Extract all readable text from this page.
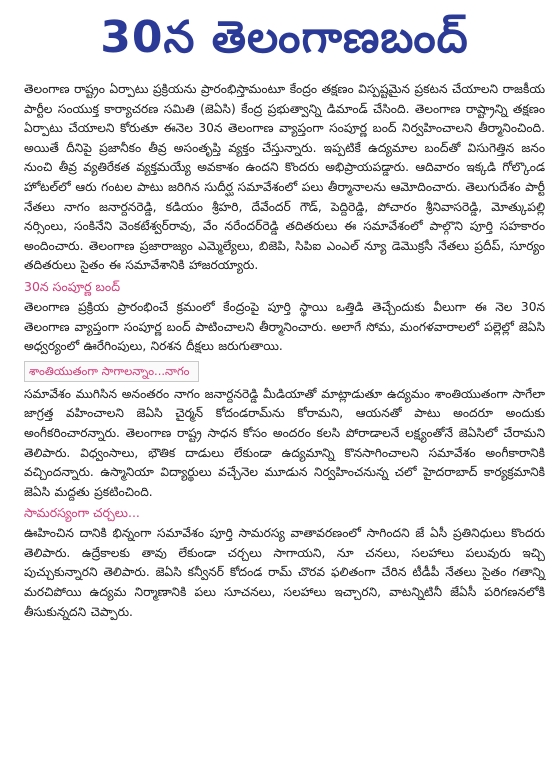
30న తెలంగాణబంద్

తెలంగాణ రాష్ట్రం ఏర్పాటు ప్రక్రియను ప్రారంభిస్తామంటూ కేంద్రం తక్షణం విస్పష్టమైన ప్రకటన చేయాలని రాజకీయ పార్టీల సంయుక్త కార్యాచరణ సమితి (జెఏసి) కేంద్ర ప్రభుత్వాన్ని డిమాండ్ చేసింది. తెలంగాణ రాష్ట్రాన్ని తక్షణం ఏర్పాటు చేయాలని కోరుతూ ఈనెల 30న తెలంగాణ వ్యాప్తంగా సంపూర్ణ బంద్ నిర్వహించాలని తీర్మానించింది. అయితే దీనిపై ప్రజానీకం తీవ్ర అసంతృప్తి వ్యక్తం చేస్తున్నారు. ఇప్పటికే ఉద్యమాల బంద్‌తో విసుగెత్తిన జనం నుంచి తీవ్ర వ్యతిరేకత వ్యక్తమయ్యే అవకాశం ఉందని కొందరు అభిప్రాయపడ్డారు. ఆదివారం ఇక్కడి గోల్కొండ హోటల్‌లో ఆరు గంటల పాటు జరిగిన సుదీర్ఘ సమావేశంలో పలు తీర్మానాలను ఆమోదించారు. తెలుగుదేశం పార్టీ నేతలు నాగం జనార్దనరెడ్డి, కడియం శ్రీహరి, దేవేందర్ గౌడ్, పెద్దిరెడ్డి, పోచారం శ్రీనివాసరెడ్డి, మోత్కుపల్లి నర్సింలు, సంకినేని వెంకటేశ్వర్‌రావు, వేం నరేందర్‌రెడ్డి తదితరులు ఈ సమావేశంలో పాల్గొని పూర్తి సహకారం అందించారు. తెలంగాణ ప్రజారాజ్యం ఎమ్మెల్యేలు, బిజెపి, సిపిఐ ఎంఎల్ న్యూ డెమొక్రసీ నేతలు ప్రదీప్, సూర్యం తదితరులు సైతం ఈ సమావేశానికి హాజరయ్యారు.

30న సంపూర్ణ బంద్

తెలంగాణ ప్రక్రియ ప్రారంభించే క్రమంలో కేంద్రంపై పూర్తి స్థాయి ఒత్తిడి తెచ్చేందుకు వీలుగా ఈ నెల 30న తెలంగాణ వ్యాప్తంగా సంపూర్ణ బంద్ పాటించాలని తీర్మానించారు. అలాగే సోమ, మంగళవారాలలో పల్లెల్లో జెఏసి అధ్వర్యంలో ఊరేగింపులు, నిరశన దీక్షలు జరుగుతాయి.

శాంతియుతంగా సాగాలన్నాం...నాగం

సమావేశం ముగిసిన అనంతరం నాగం జనార్దనరెడ్డి మీడియాతో మాట్లాడుతూ ఉద్యమం శాంతియుతంగా సాగేలా జాగ్రత్త వహించాలని జెఏసి చైర్మన్ కోదండరామ్‌ను కోరామని, ఆయనతో పాటు అందరూ అందుకు అంగీకరించారన్నారు. తెలంగాణ రాష్ట్ర సాధన కోసం అందరం కలసి పోరాడాలనే లక్ష్యంతోనే జెఏసిలో చేరామని తెలిపారు. విధ్వంసాలు, భౌతిక దాడులు లేకుండా ఉద్యమాన్ని కొనసాగించాలని సమావేశం అంగీకారానికి వచ్చిందన్నారు. ఉస్మానియా విద్యార్థులు వచ్చేనెల మూడున నిర్వహించనున్న చలో హైదరాబాద్ కార్యక్రమానికి జెఏసి మద్దతు ప్రకటించింది.

సామరస్యంగా చర్చలు...

ఊహించిన దానికి భిన్నంగా సమావేశం పూర్తి సామరస్య వాతావరణంలో సాగిందని జే ఏసీ ప్రతినిధులు కొందరు తెలిపారు. ఉద్రేకాలకు తావు లేకుండా చర్చలు సాగాయని, నూ చనలు, సలహాలు పలువురు ఇచ్చి పుచ్చుకున్నారని తెలిపారు. జెఏసి కన్వీనర్ కోదండ రామ్ చొరవ ఫలితంగా చేరిన టీడీపీ నేతలు సైతం గతాన్ని మరచిపోయి ఉద్యమ నిర్మాణానికి పలు సూచనలు, సలహాలు ఇచ్చారని, వాటన్నిటినీ జేఏసీ పరిగణనలోకి తీసుకున్నదని చెప్పారు.
